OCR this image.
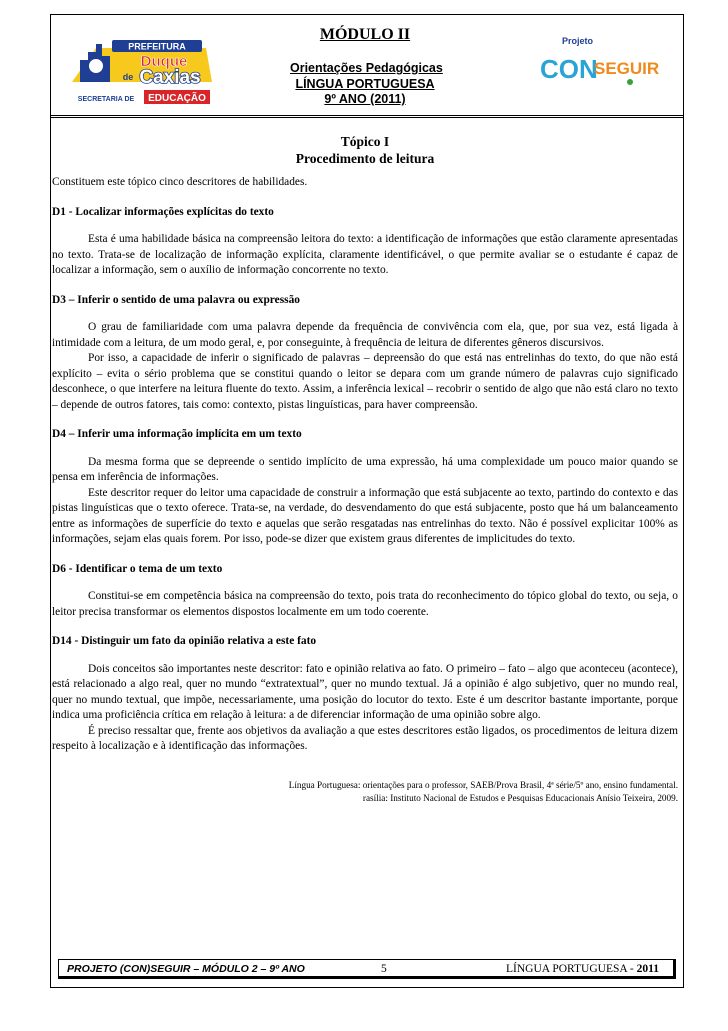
PREFEITURA
Duque
de Caxias
SECRETARIA DE EDUCAÇÃO
Projeto
CON
SEGUIR
MÓDULO II
Orientações Pedagógicas
LÍNGUA PORTUGUESA
9º ANO (2011)
Tópico I
Procedimento de leitura

Constituem este tópico cinco descritores de habilidades.

D1 - Localizar informações explícitas do texto

Esta é uma habilidade básica na compreensão leitora do texto: a identificação de informações que estão claramente apresentadas no texto. Trata-se de localização de informação explícita, claramente identificável, o que permite avaliar se o estudante é capaz de localizar a informação, sem o auxílio de informação concorrente no texto.

D3 – Inferir o sentido de uma palavra ou expressão

O grau de familiaridade com uma palavra depende da frequência de convivência com ela, que, por sua vez, está ligada à intimidade com a leitura, de um modo geral, e, por conseguinte, à frequência de leitura de diferentes gêneros discursivos.

Por isso, a capacidade de inferir o significado de palavras – depreensão do que está nas entrelinhas do texto, do que não está explícito – evita o sério problema que se constitui quando o leitor se depara com um grande número de palavras cujo significado desconhece, o que interfere na leitura fluente do texto. Assim, a inferência lexical – recobrir o sentido de algo que não está claro no texto – depende de outros fatores, tais como: contexto, pistas linguísticas, para haver compreensão.

D4 – Inferir uma informação implícita em um texto

Da mesma forma que se depreende o sentido implícito de uma expressão, há uma complexidade um pouco maior quando se pensa em inferência de informações.

Este descritor requer do leitor uma capacidade de construir a informação que está subjacente ao texto, partindo do contexto e das pistas linguísticas que o texto oferece. Trata-se, na verdade, do desvendamento do que está subjacente, posto que há um balanceamento entre as informações de superfície do texto e aquelas que serão resgatadas nas entrelinhas do texto. Não é possível explicitar 100% as informações, sejam elas quais forem. Por isso, pode-se dizer que existem graus diferentes de implicitudes do texto.

D6 - Identificar o tema de um texto

Constitui-se em competência básica na compreensão do texto, pois trata do reconhecimento do tópico global do texto, ou seja, o leitor precisa transformar os elementos dispostos localmente em um todo coerente.

D14 - Distinguir um fato da opinião relativa a este fato

Dois conceitos são importantes neste descritor: fato e opinião relativa ao fato. O primeiro – fato – algo que aconteceu (acontece), está relacionado a algo real, quer no mundo “extratextual”, quer no mundo textual. Já a opinião é algo subjetivo, quer no mundo real, quer no mundo textual, que impõe, necessariamente, uma posição do locutor do texto. Este é um descritor bastante importante, porque indica uma proficiência crítica em relação à leitura: a de diferenciar informação de uma opinião sobre algo.

É preciso ressaltar que, frente aos objetivos da avaliação a que estes descritores estão ligados, os procedimentos de leitura dizem respeito à localização e à identificação das informações.

Língua Portuguesa: orientações para o professor, SAEB/Prova Brasil, 4ª série/5º ano, ensino fundamental.
rasília: Instituto Nacional de Estudos e Pesquisas Educacionais Anísio Teixeira, 2009.
PROJETO (CON)SEGUIR – MÓDULO 2 – 9º ANO	5	LÍNGUA PORTUGUESA - 2011
